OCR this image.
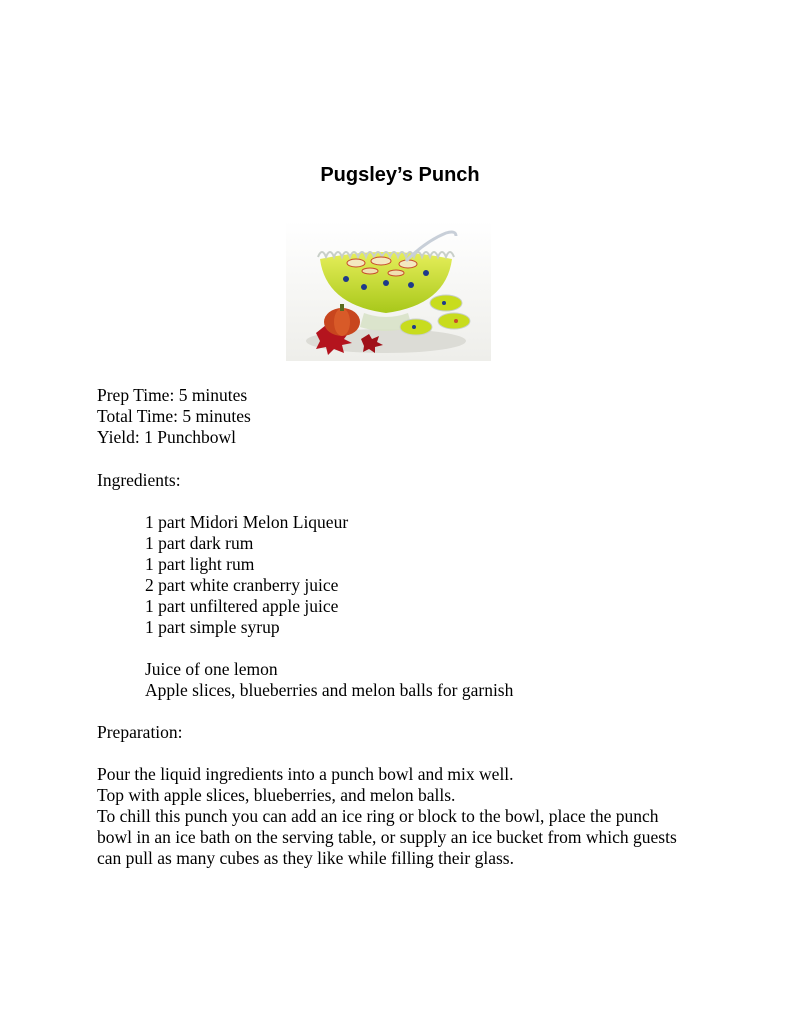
Pugsley’s Punch
Prep Time: 5 minutes
Total Time: 5 minutes
Yield: 1 Punchbowl
Ingredients:
1 part Midori Melon Liqueur
1 part dark rum
1 part light rum
2 part white cranberry juice
1 part unfiltered apple juice
1 part simple syrup
Juice of one lemon
Apple slices, blueberries and melon balls for garnish
Preparation:
Pour the liquid ingredients into a punch bowl and mix well.
Top with apple slices, blueberries, and melon balls.
To chill this punch you can add an ice ring or block to the bowl, place the punch
bowl in an ice bath on the serving table, or supply an ice bucket from which guests
can pull as many cubes as they like while filling their glass.
